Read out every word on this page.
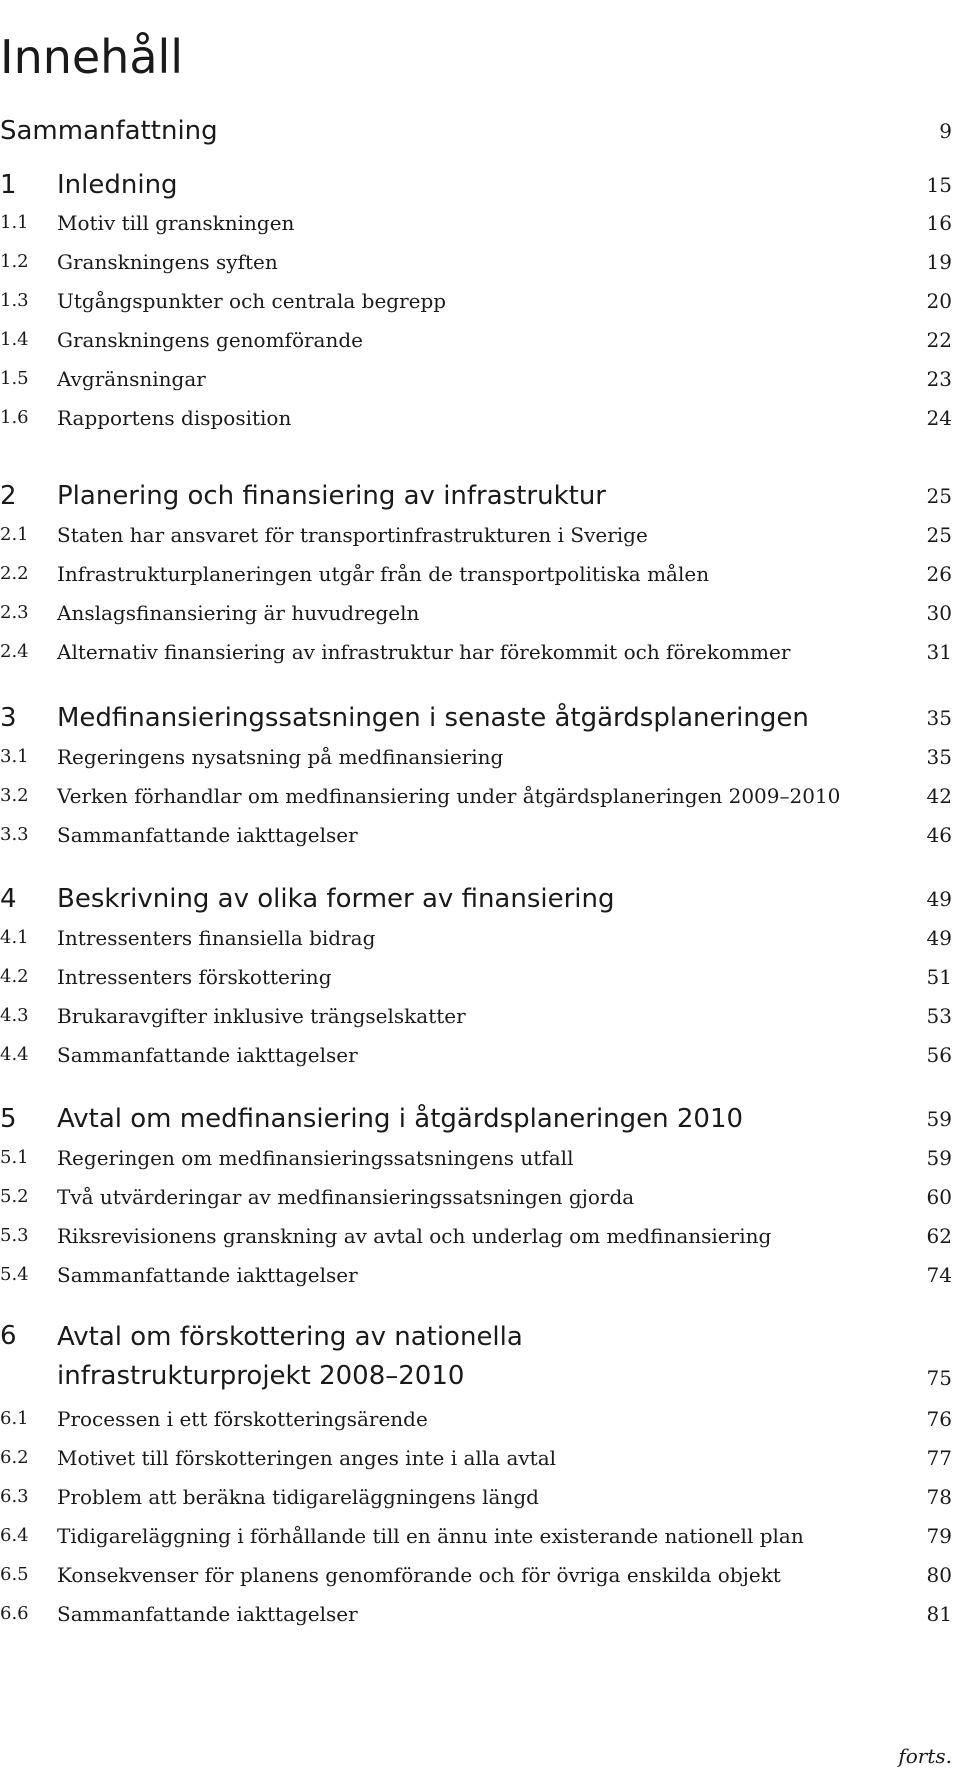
Innehåll
Sammanfattning	9
1 Inledning	15
1.1 Motiv till granskningen	16
1.2 Granskningens syften	19
1.3 Utgångspunkter och centrala begrepp	20
1.4 Granskningens genomförande	22
1.5 Avgränsningar	23
1.6 Rapportens disposition	24
2 Planering och finansiering av infrastruktur	25
2.1 Staten har ansvaret för transportinfrastrukturen i Sverige	25
2.2 Infrastrukturplaneringen utgår från de transportpolitiska målen	26
2.3 Anslagsfinansiering är huvudregeln	30
2.4 Alternativ finansiering av infrastruktur har förekommit och förekommer	31
3 Medfinansieringssatsningen i senaste åtgärdsplaneringen	35
3.1 Regeringens nysatsning på medfinansiering	35
3.2 Verken förhandlar om medfinansiering under åtgärdsplaneringen 2009–2010	42
3.3 Sammanfattande iakttagelser	46
4 Beskrivning av olika former av finansiering	49
4.1 Intressenters finansiella bidrag	49
4.2 Intressenters förskottering	51
4.3 Brukaravgifter inklusive trängselskatter	53
4.4 Sammanfattande iakttagelser	56
5 Avtal om medfinansiering i åtgärdsplaneringen 2010	59
5.1 Regeringen om medfinansieringssatsningens utfall	59
5.2 Två utvärderingar av medfinansieringssatsningen gjorda	60
5.3 Riksrevisionens granskning av avtal och underlag om medfinansiering	62
5.4 Sammanfattande iakttagelser	74
6 Avtal om förskottering av nationella infrastrukturprojekt 2008–2010	75
6.1 Processen i ett förskotteringsärende	76
6.2 Motivet till förskotteringen anges inte i alla avtal	77
6.3 Problem att beräkna tidigareläggningens längd	78
6.4 Tidigareläggning i förhållande till en ännu inte existerande nationell plan	79
6.5 Konsekvenser för planens genomförande och för övriga enskilda objekt	80
6.6 Sammanfattande iakttagelser	81
forts.
